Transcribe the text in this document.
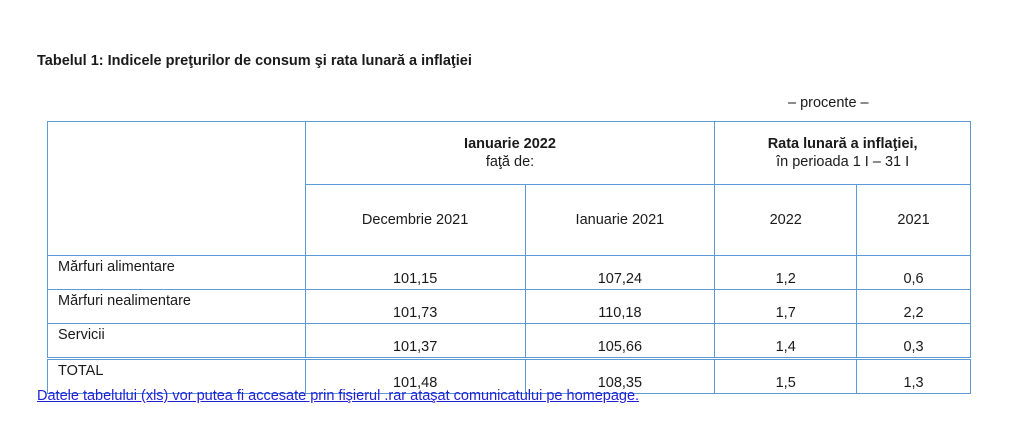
Tabelul 1: Indicele preţurilor de consum şi rata lunară a inflaţiei
– procente –
	Ianuarie 2022		Rata lunară a inflaţiei,	
	faţă de:		în perioada 1 I – 31 I	
	Decembrie 2021	Ianuarie 2021	2022	2021
Mărfuri alimentare	101,15	107,24	1,2	0,6
Mărfuri nealimentare	101,73	110,18	1,7	2,2
Servicii	101,37	105,66	1,4	0,3
TOTAL	101,48	108,35	1,5	1,3
Datele tabelului (xls) vor putea fi accesate prin fişierul .rar ataşat comunicatului pe homepage.
